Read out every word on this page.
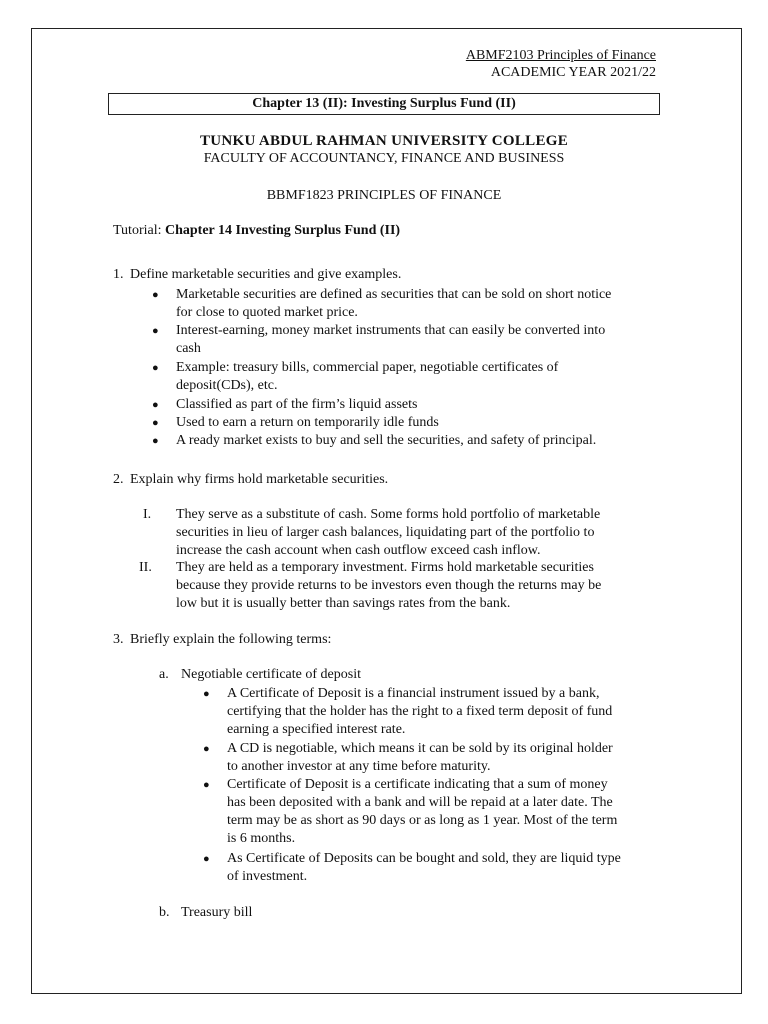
ABMF2103 Principles of Finance
ACADEMIC YEAR 2021/22
Chapter 13 (II): Investing Surplus Fund (II)
TUNKU ABDUL RAHMAN UNIVERSITY COLLEGE
FACULTY OF ACCOUNTANCY, FINANCE AND BUSINESS
BBMF1823 PRINCIPLES OF FINANCE
Tutorial: Chapter 14 Investing Surplus Fund (II)
1. Define marketable securities and give examples.
● Marketable securities are defined as securities that can be sold on short notice
for close to quoted market price.
● Interest-earning, money market instruments that can easily be converted into
cash
● Example: treasury bills, commercial paper, negotiable certificates of
deposit(CDs), etc.
● Classified as part of the firm’s liquid assets
● Used to earn a return on temporarily idle funds
● A ready market exists to buy and sell the securities, and safety of principal.
2. Explain why firms hold marketable securities.
I. They serve as a substitute of cash. Some forms hold portfolio of marketable
securities in lieu of larger cash balances, liquidating part of the portfolio to
increase the cash account when cash outflow exceed cash inflow.
II. They are held as a temporary investment. Firms hold marketable securities
because they provide returns to be investors even though the returns may be
low but it is usually better than savings rates from the bank.
3. Briefly explain the following terms:
a. Negotiable certificate of deposit
● A Certificate of Deposit is a financial instrument issued by a bank,
certifying that the holder has the right to a fixed term deposit of fund
earning a specified interest rate.
● A CD is negotiable, which means it can be sold by its original holder
to another investor at any time before maturity.
● Certificate of Deposit is a certificate indicating that a sum of money
has been deposited with a bank and will be repaid at a later date. The
term may be as short as 90 days or as long as 1 year. Most of the term
is 6 months.
● As Certificate of Deposits can be bought and sold, they are liquid type
of investment.
b. Treasury bill
